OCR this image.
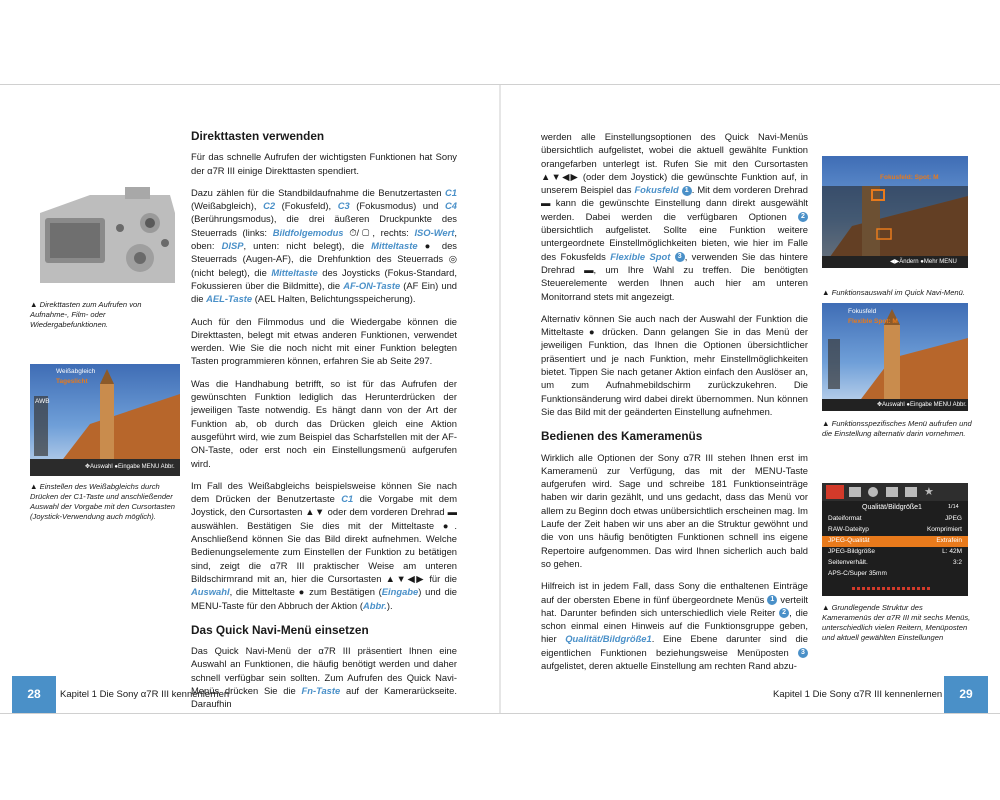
▲ Direkttasten zum Aufrufen von Aufnahme-, Film- oder Wiedergabefunktionen.
Weißabgleich
Tageslicht
AWB
✥Auswahl ●Eingabe MENU Abbr.
▲ Einstellen des Weißabgleichs durch Drücken der C1-Taste und anschließender Auswahl der Vorgabe mit den Cursortasten (Joystick-Verwendung auch möglich).
Direkttasten verwenden

Für das schnelle Aufrufen der wichtigsten Funktionen hat Sony der α7R III einige Direkttasten spendiert.

Dazu zählen für die Standbildaufnahme die Benutzertasten C1 (Weißabgleich), C2 (Fokusfeld), C3 (Fokusmodus) und C4 (Berührungsmodus), die drei äußeren Druckpunkte des Steuerrads (links: Bildfolgemodus ⏱/▢, rechts: ISO-Wert, oben: DISP, unten: nicht belegt), die Mitteltaste ● des Steuerrads (Augen-AF), die Drehfunktion des Steuerrads ◎ (nicht belegt), die Mitteltaste des Joysticks (Fokus-Standard, Fokussieren über die Bildmitte), die AF-ON-Taste (AF Ein) und die AEL-Taste (AEL Halten, Belichtungsspeicherung).

Auch für den Filmmodus und die Wiedergabe können die Direkttasten, belegt mit etwas anderen Funktionen, verwendet werden. Wie Sie die noch nicht mit einer Funktion belegten Tasten programmieren können, erfahren Sie ab Seite 297.

Was die Handhabung betrifft, so ist für das Aufrufen der gewünschten Funktion lediglich das Herunterdrücken der jeweiligen Taste notwendig. Es hängt dann von der Art der Funktion ab, ob durch das Drücken gleich eine Aktion ausgeführt wird, wie zum Beispiel das Scharfstellen mit der AF-ON-Taste, oder erst noch ein Einstellungsmenü aufgerufen wird.

Im Fall des Weißabgleichs beispielsweise können Sie nach dem Drücken der Benutzertaste C1 die Vorgabe mit dem Joystick, den Cursortasten ▲▼ oder dem vorderen Drehrad ▬ auswählen. Bestätigen Sie dies mit der Mitteltaste ●. Anschließend können Sie das Bild direkt aufnehmen. Welche Bedienungselemente zum Einstellen der Funktion zu betätigen sind, zeigt die α7R III praktischer Weise am unteren Bildschirmrand mit an, hier die Cursortasten ▲▼◀▶ für die Auswahl, die Mitteltaste ● zum Bestätigen (Eingabe) und die MENU-Taste für den Abbruch der Aktion (Abbr.).

Das Quick Navi-Menü einsetzen

Das Quick Navi-Menü der α7R III präsentiert Ihnen eine Auswahl an Funktionen, die häufig benötigt werden und daher schnell verfügbar sein sollten. Zum Aufrufen des Quick Navi-Menüs drücken Sie die Fn-Taste auf der Kamerarückseite. Daraufhin

28	Kapitel 1 Die Sony α7R III kennenlernen

werden alle Einstellungsoptionen des Quick Navi-Menüs übersichtlich aufgelistet, wobei die aktuell gewählte Funktion orangefarben unterlegt ist. Rufen Sie mit den Cursortasten ▲▼◀▶ (oder dem Joystick) die gewünschte Funktion auf, in unserem Beispiel das Fokusfeld 1 . Mit dem vorderen Drehrad ▬ kann die gewünschte Einstellung dann direkt ausgewählt werden. Dabei werden die verfügbaren Optionen 2 übersichtlich aufgelistet. Sollte eine Funktion weitere untergeordnete Einstellmöglichkeiten bieten, wie hier im Falle des Fokusfelds Flexible Spot 3 , verwenden Sie das hintere Drehrad ▬, um Ihre Wahl zu treffen. Die benötigten Steuerelemente werden Ihnen auch hier am unteren Monitorrand stets mit angezeigt.

Alternativ können Sie auch nach der Auswahl der Funktion die Mitteltaste ● drücken. Dann gelangen Sie in das Menü der jeweiligen Funktion, das Ihnen die Optionen übersichtlicher präsentiert und je nach Funktion, mehr Einstellmöglichkeiten bietet. Tippen Sie nach getaner Aktion einfach den Auslöser an, um zum Aufnahmebildschirm zurückzukehren. Die Funktionsänderung wird dabei direkt übernommen. Nun können Sie das Bild mit der geänderten Einstellung aufnehmen.

Bedienen des Kameramenüs

Wirklich alle Optionen der Sony α7R III stehen Ihnen erst im Kameramenü zur Verfügung, das mit der MENU-Taste aufgerufen wird. Sage und schreibe 181 Funktionseinträge haben wir darin gezählt, und uns gedacht, dass das Menü vor allem zu Beginn doch etwas unübersichtlich erscheinen mag. Im Laufe der Zeit haben wir uns aber an die Struktur gewöhnt und die von uns häufig benötigten Funktionen schnell ins eigene Repertoire aufgenommen. Das wird Ihnen sicherlich auch bald so gehen.

Hilfreich ist in jedem Fall, dass Sony die enthaltenen Einträge auf der obersten Ebene in fünf übergeordnete Menüs 1 verteilt hat. Darunter befinden sich unterschiedlich viele Reiter 2 , die schon einmal einen Hinweis auf die Funktionsgruppe geben, hier Qualität/Bildgröße1. Eine Ebene darunter sind die eigentlichen Funktionen beziehungsweise Menüposten 3 aufgelistet, deren aktuelle Einstellung am rechten Rand abzu-

Fokusfeld: Spot: M
◀▶Ändern ●Mehr MENU
▲ Funktionsauswahl im Quick Navi-Menü.
Fokusfeld
Flexible Spot: M
✥Auswahl ●Eingabe MENU Abbr.
▲ Funktionsspezifisches Menü aufrufen und die Einstellung alternativ darin vornehmen.
★
Qualität/Bildgröße1	1/14
Dateiformat	JPEG
RAW-Dateityp	Komprimiert
JPEG-Qualität	Extrafein
JPEG-Bildgröße	L: 42M
Seitenverhält.	3:2
APS-C/Super 35mm
▲ Grundlegende Struktur des Kameramenüs der α7R III mit sechs Menüs, unterschiedlich vielen Reitern, Menüposten und aktuell gewählten Einstellungen
Kapitel 1 Die Sony α7R III kennenlernen	29
